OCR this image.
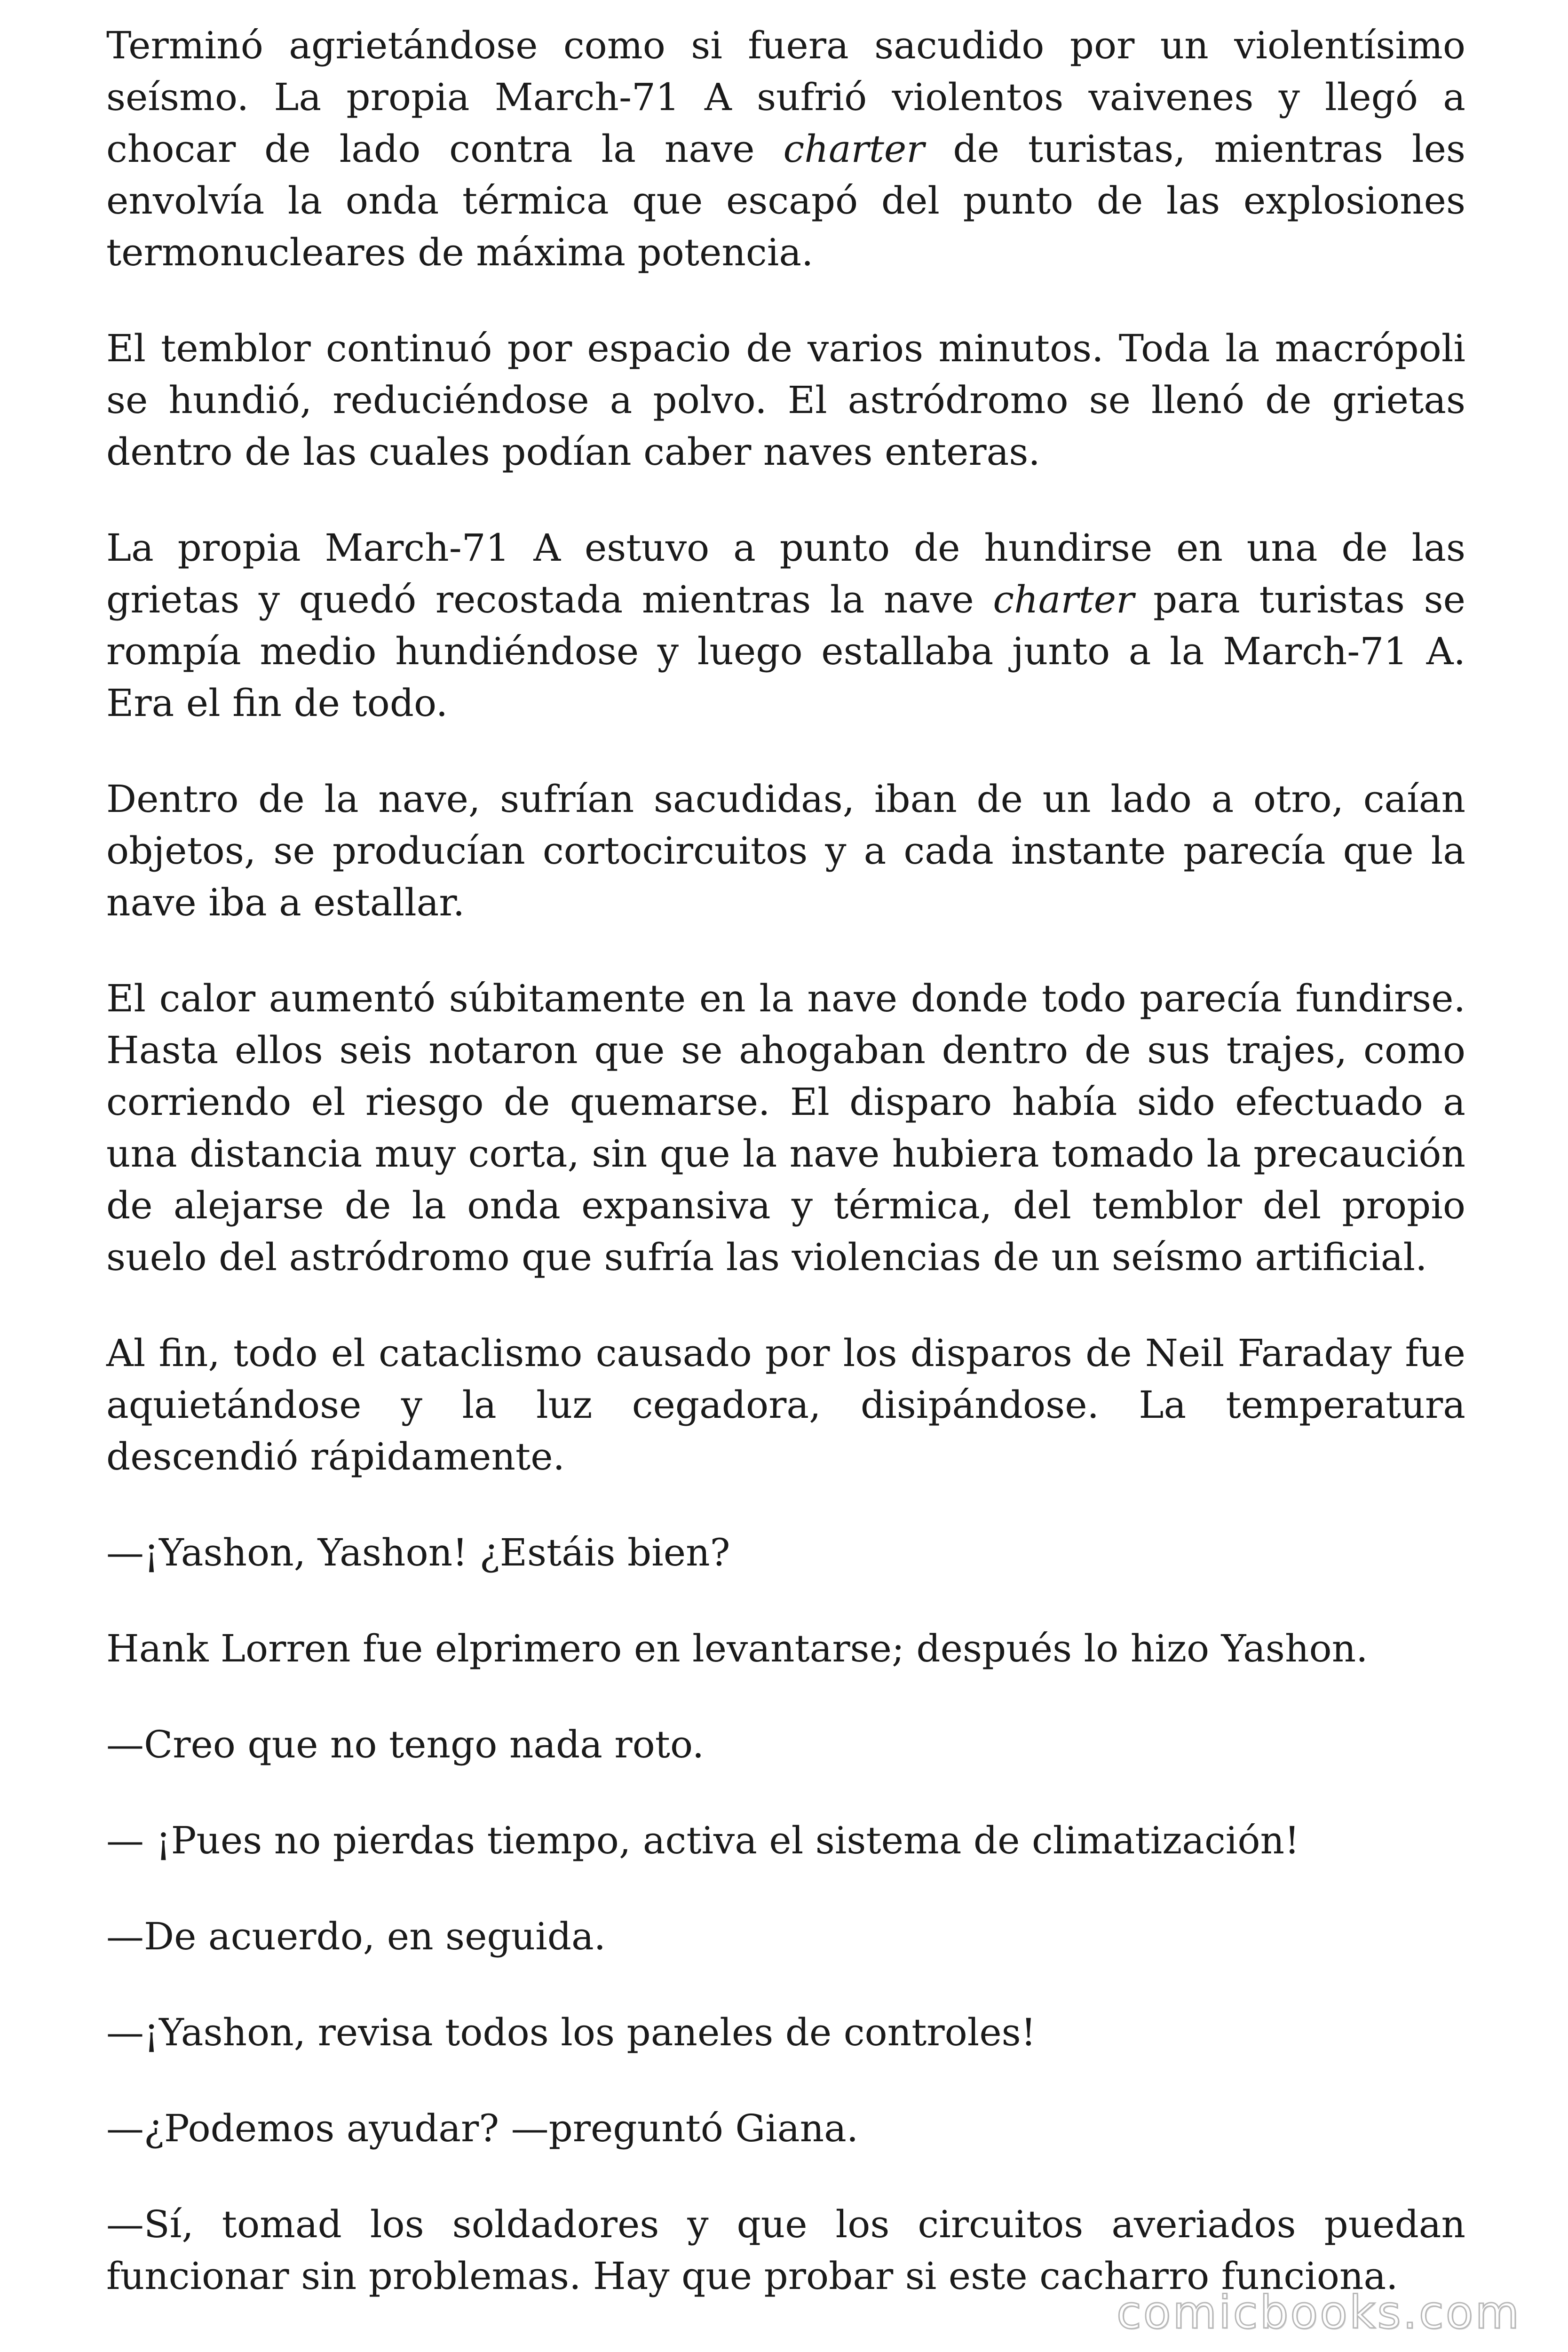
Terminó agrietándose como si fuera sacudido por un violentísimo seísmo. La propia March-71 A sufrió violentos vaivenes y llegó a chocar de lado contra la nave charter de turistas, mientras les envolvía la onda térmica que escapó del punto de las explosiones termonucleares de máxima potencia.

El temblor continuó por espacio de varios minutos. Toda la macrópoli se hundió, reduciéndose a polvo. El astródromo se llenó de grietas dentro de las cuales podían caber naves enteras.

La propia March-71 A estuvo a punto de hundirse en una de las grietas y quedó recostada mientras la nave charter para turistas se rompía medio hundiéndose y luego estallaba junto a la March-71 A. Era el fin de todo.

Dentro de la nave, sufrían sacudidas, iban de un lado a otro, caían objetos, se producían cortocircuitos y a cada instante parecía que la nave iba a estallar.

El calor aumentó súbitamente en la nave donde todo parecía fundirse. Hasta ellos seis notaron que se ahogaban dentro de sus trajes, como corriendo el riesgo de quemarse. El disparo había sido efectuado a una distancia muy corta, sin que la nave hubiera tomado la precaución de alejarse de la onda expansiva y térmica, del temblor del propio suelo del astródromo que sufría las violencias de un seísmo artificial.

Al fin, todo el cataclismo causado por los disparos de Neil Faraday fue aquietándose y la luz cegadora, disipándose. La temperatura descendió rápidamente.

—¡Yashon, Yashon! ¿Estáis bien?

Hank Lorren fue elprimero en levantarse; después lo hizo Yashon.

—Creo que no tengo nada roto.

— ¡Pues no pierdas tiempo, activa el sistema de climatización!

—De acuerdo, en seguida.

—¡Yashon, revisa todos los paneles de controles!

—¿Podemos ayudar? —preguntó Giana.

—Sí, tomad los soldadores y que los circuitos averiados puedan funcionar sin problemas. Hay que probar si este cacharro funciona.

comicbooks.com
